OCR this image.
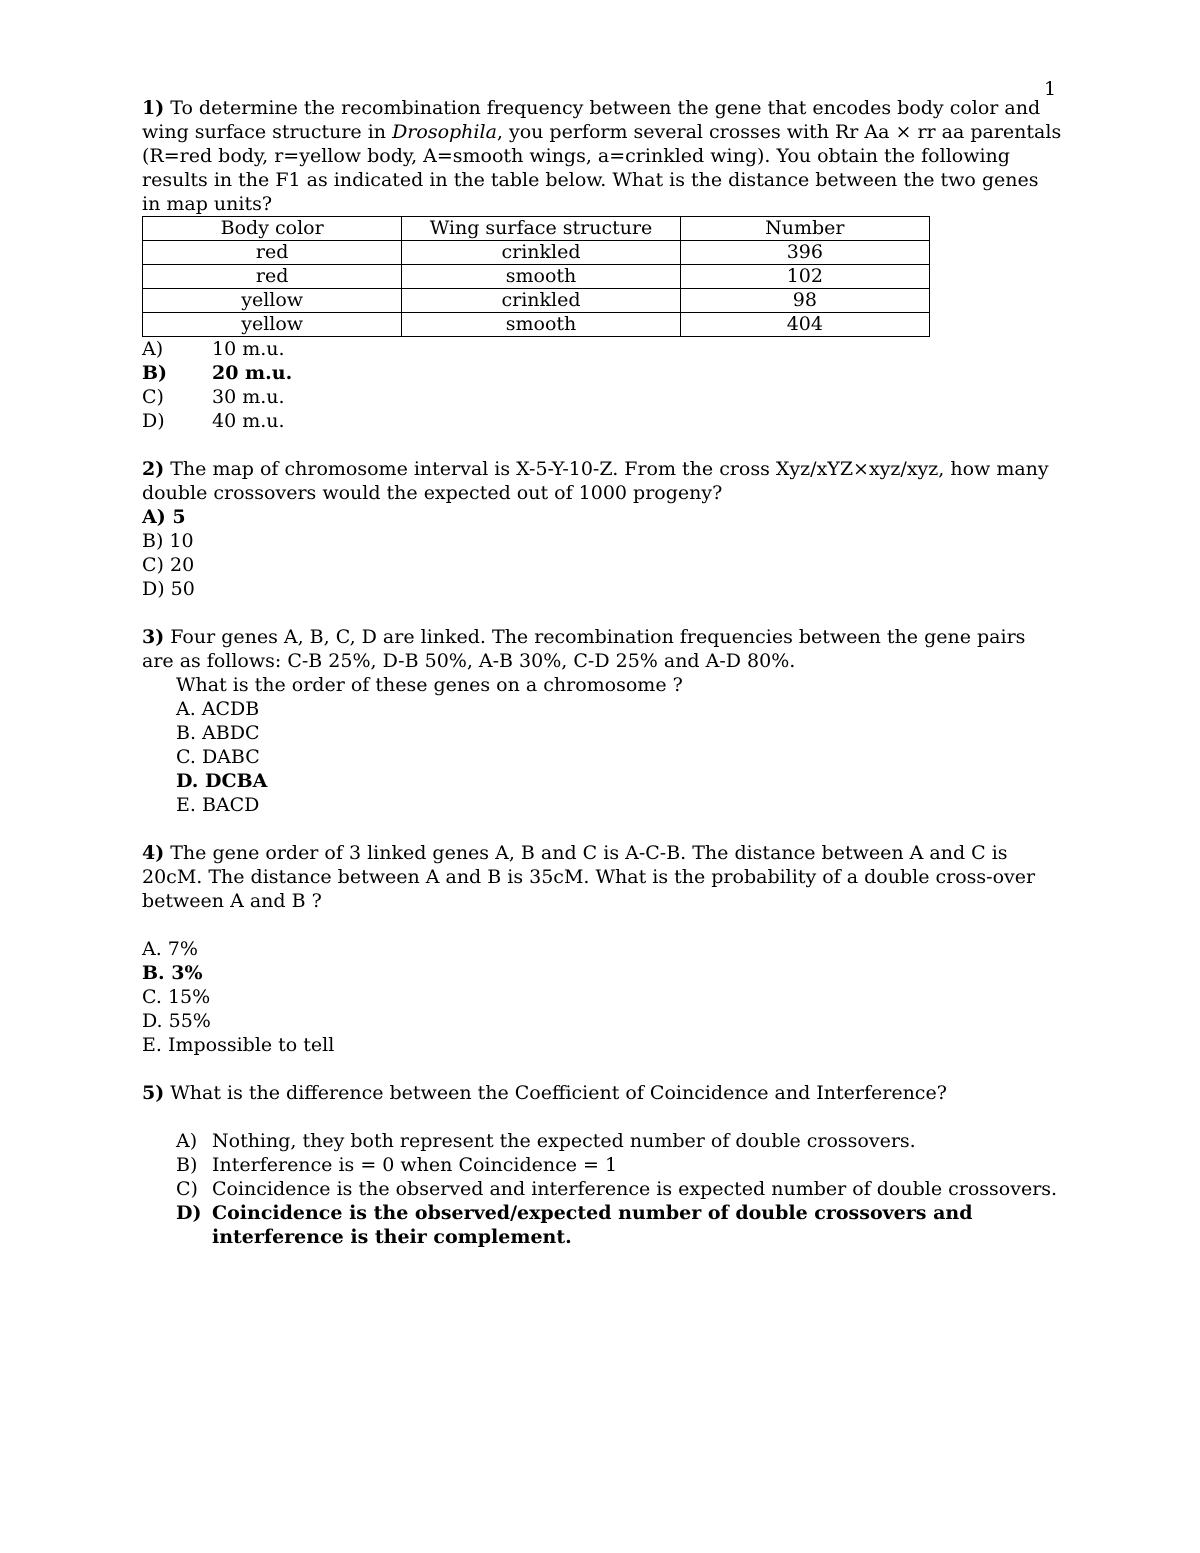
1

1) To determine the recombination frequency between the gene that encodes body color and wing surface structure in Drosophila, you perform several crosses with Rr Aa × rr aa parentals (R=red body, r=yellow body, A=smooth wings, a=crinkled wing). You obtain the following results in the F1 as indicated in the table below. What is the distance between the two genes in map units?

Body color	Wing surface structure	Number
red	crinkled	396
red	smooth	102
yellow	crinkled	98
yellow	smooth	404
A)	10 m.u.
B)	20 m.u.
C)	30 m.u.
D)	40 m.u.

2) The map of chromosome interval is X-5-Y-10-Z. From the cross Xyz/xYZ×xyz/xyz, how many double crossovers would the expected out of 1000 progeny?

A) 5
B) 10
C) 20
D) 50

3) Four genes A, B, C, D are linked. The recombination frequencies between the gene pairs are as follows: C-B 25%, D-B 50%, A-B 30%, C-D 25% and A-D 80%.

What is the order of these genes on a chromosome ?
A. ACDB
B. ABDC
C. DABC
D. DCBA
E. BACD

4) The gene order of 3 linked genes A, B and C is A-C-B. The distance between A and C is 20cM. The distance between A and B is 35cM. What is the probability of a double cross-over between A and B ?

A. 7%
B. 3%
C. 15%
D. 55%
E. Impossible to tell

5) What is the difference between the Coefficient of Coincidence and Interference?

A) Nothing, they both represent the expected number of double crossovers.
B) Interference is = 0 when Coincidence = 1
C) Coincidence is the observed and interference is expected number of double crossovers.
D) Coincidence is the observed/expected number of double crossovers and interference is their complement.
